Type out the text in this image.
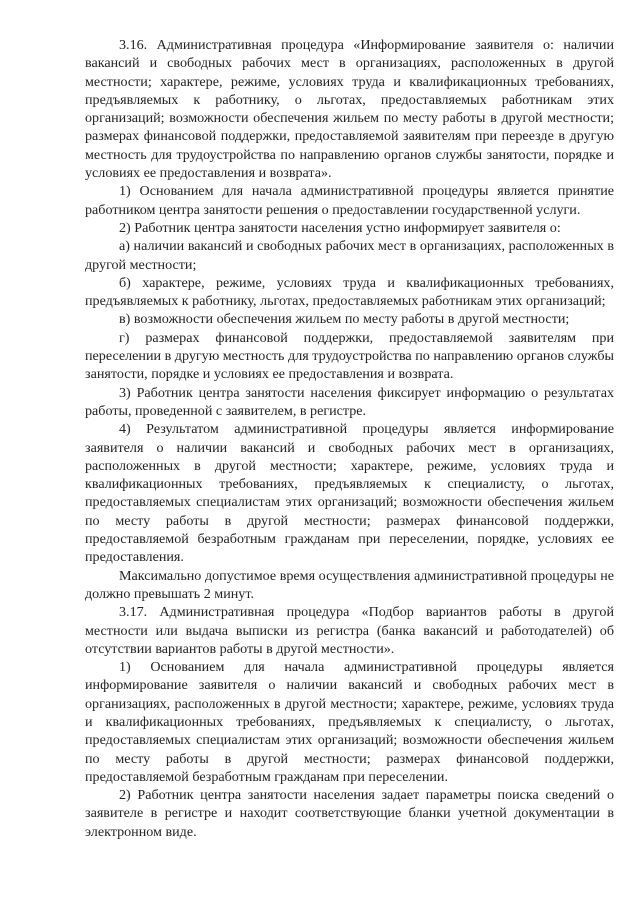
3.16. Административная процедура «Информирование заявителя о: наличии вакансий и свободных рабочих мест в организациях, расположенных в другой местности; характере, режиме, условиях труда и квалификационных требованиях, предъявляемых к работнику, о льготах, предоставляемых работникам этих организаций; возможности обеспечения жильем по месту работы в другой местности; размерах финансовой поддержки, предоставляемой заявителям при переезде в другую местность для трудоустройства по направлению органов службы занятости, порядке и условиях ее предоставления и возврата».

1) Основанием для начала административной процедуры является принятие работником центра занятости решения о предоставлении государственной услуги.

2) Работник центра занятости населения устно информирует заявителя о:

а) наличии вакансий и свободных рабочих мест в организациях, расположенных в другой местности;

б) характере, режиме, условиях труда и квалификационных требованиях, предъявляемых к работнику, льготах, предоставляемых работникам этих организаций;

в) возможности обеспечения жильем по месту работы в другой местности;

г) размерах финансовой поддержки, предоставляемой заявителям при переселении в другую местность для трудоустройства по направлению органов службы занятости, порядке и условиях ее предоставления и возврата.

3) Работник центра занятости населения фиксирует информацию о результатах работы, проведенной с заявителем, в регистре.

4) Результатом административной процедуры является информирование заявителя о наличии вакансий и свободных рабочих мест в организациях, расположенных в другой местности; характере, режиме, условиях труда и квалификационных требованиях, предъявляемых к специалисту, о льготах, предоставляемых специалистам этих организаций; возможности обеспечения жильем по месту работы в другой местности; размерах финансовой поддержки, предоставляемой безработным гражданам при переселении, порядке, условиях ее предоставления.

Максимально допустимое время осуществления административной процедуры не должно превышать 2 минут.

3.17. Административная процедура «Подбор вариантов работы в другой местности или выдача выписки из регистра (банка вакансий и работодателей) об отсутствии вариантов работы в другой местности».

1) Основанием для начала административной процедуры является информирование заявителя о наличии вакансий и свободных рабочих мест в организациях, расположенных в другой местности; характере, режиме, условиях труда и квалификационных требованиях, предъявляемых к специалисту, о льготах, предоставляемых специалистам этих организаций; возможности обеспечения жильем по месту работы в другой местности; размерах финансовой поддержки, предоставляемой безработным гражданам при переселении.

2) Работник центра занятости населения задает параметры поиска сведений о заявителе в регистре и находит соответствующие бланки учетной документации в электронном виде.
